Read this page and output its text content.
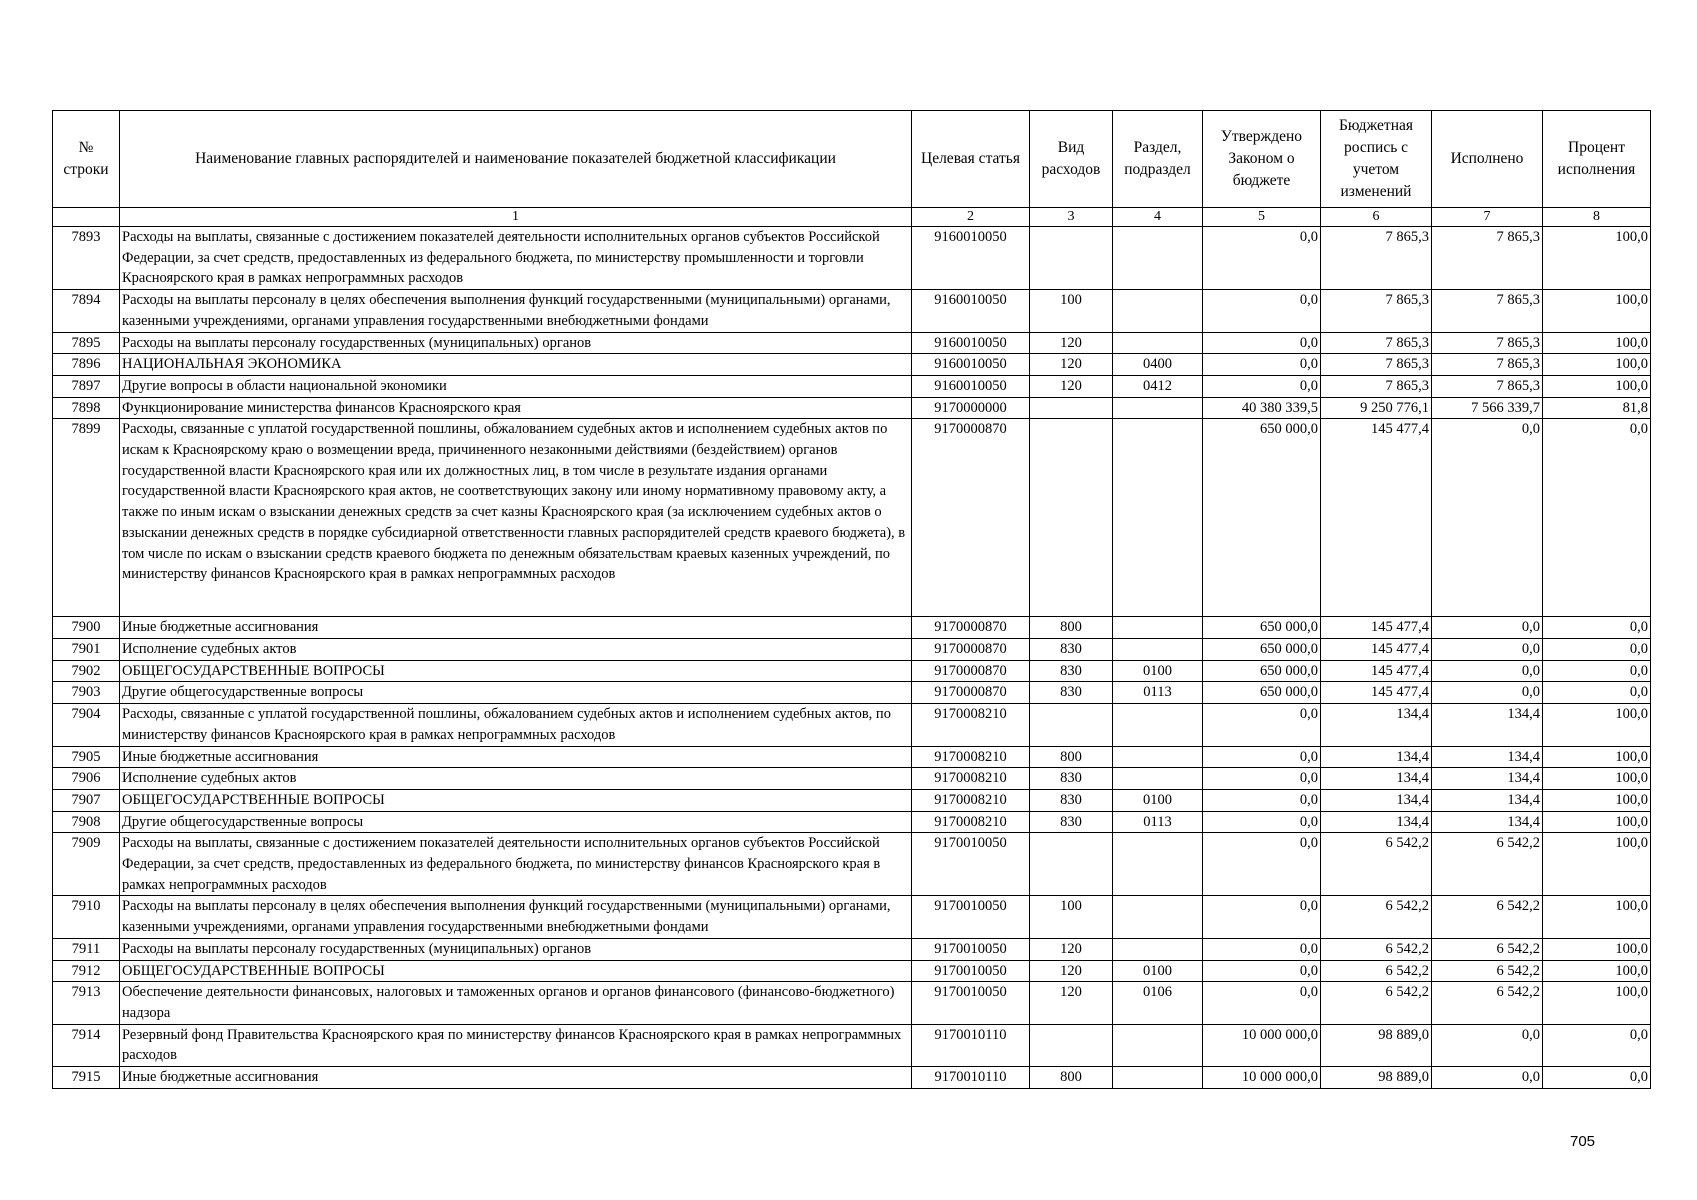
№ строки	Наименование главных распорядителей и наименование показателей бюджетной классификации	Целевая статья	Вид расходов	Раздел, подраздел	Утверждено Законом о бюджете	Бюджетная роспись с учетом изменений	Исполнено	Процент исполнения
	1	2	3	4	5	6	7	8
7893	Расходы на выплаты, связанные с достижением показателей деятельности исполнительных органов субъектов Российской Федерации, за счет средств, предоставленных из федерального бюджета, по министерству промышленности и торговли Красноярского края в рамках непрограммных расходов	9160010050			0,0	7 865,3	7 865,3	100,0
7894	Расходы на выплаты персоналу в целях обеспечения выполнения функций государственными (муниципальными) органами, казенными учреждениями, органами управления государственными внебюджетными фондами	9160010050	100		0,0	7 865,3	7 865,3	100,0
7895	Расходы на выплаты персоналу государственных (муниципальных) органов	9160010050	120		0,0	7 865,3	7 865,3	100,0
7896	НАЦИОНАЛЬНАЯ ЭКОНОМИКА	9160010050	120	0400	0,0	7 865,3	7 865,3	100,0
7897	Другие вопросы в области национальной экономики	9160010050	120	0412	0,0	7 865,3	7 865,3	100,0
7898	Функционирование министерства финансов Красноярского края	9170000000			40 380 339,5	9 250 776,1	7 566 339,7	81,8
7899	Расходы, связанные с уплатой государственной пошлины, обжалованием судебных актов и исполнением судебных актов по искам к Красноярскому краю о возмещении вреда, причиненного незаконными действиями (бездействием) органов государственной власти Красноярского края или их должностных лиц, в том числе в результате издания органами государственной власти Красноярского края актов, не соответствующих закону или иному нормативному правовому акту, а также по иным искам о взыскании денежных средств за счет казны Красноярского края (за исключением судебных актов о взыскании денежных средств в порядке субсидиарной ответственности главных распорядителей средств краевого бюджета), в том числе по искам о взыскании средств краевого бюджета по денежным обязательствам краевых казенных учреждений, по министерству финансов Красноярского края в рамках непрограммных расходов	9170000870			650 000,0	145 477,4	0,0	0,0
7900	Иные бюджетные ассигнования	9170000870	800		650 000,0	145 477,4	0,0	0,0
7901	Исполнение судебных актов	9170000870	830		650 000,0	145 477,4	0,0	0,0
7902	ОБЩЕГОСУДАРСТВЕННЫЕ ВОПРОСЫ	9170000870	830	0100	650 000,0	145 477,4	0,0	0,0
7903	Другие общегосударственные вопросы	9170000870	830	0113	650 000,0	145 477,4	0,0	0,0
7904	Расходы, связанные с уплатой государственной пошлины, обжалованием судебных актов и исполнением судебных актов, по министерству финансов Красноярского края в рамках непрограммных расходов	9170008210			0,0	134,4	134,4	100,0
7905	Иные бюджетные ассигнования	9170008210	800		0,0	134,4	134,4	100,0
7906	Исполнение судебных актов	9170008210	830		0,0	134,4	134,4	100,0
7907	ОБЩЕГОСУДАРСТВЕННЫЕ ВОПРОСЫ	9170008210	830	0100	0,0	134,4	134,4	100,0
7908	Другие общегосударственные вопросы	9170008210	830	0113	0,0	134,4	134,4	100,0
7909	Расходы на выплаты, связанные с достижением показателей деятельности исполнительных органов субъектов Российской Федерации, за счет средств, предоставленных из федерального бюджета, по министерству финансов Красноярского края в рамках непрограммных расходов	9170010050			0,0	6 542,2	6 542,2	100,0
7910	Расходы на выплаты персоналу в целях обеспечения выполнения функций государственными (муниципальными) органами, казенными учреждениями, органами управления государственными внебюджетными фондами	9170010050	100		0,0	6 542,2	6 542,2	100,0
7911	Расходы на выплаты персоналу государственных (муниципальных) органов	9170010050	120		0,0	6 542,2	6 542,2	100,0
7912	ОБЩЕГОСУДАРСТВЕННЫЕ ВОПРОСЫ	9170010050	120	0100	0,0	6 542,2	6 542,2	100,0
7913	Обеспечение деятельности финансовых, налоговых и таможенных органов и органов финансового (финансово-бюджетного) надзора	9170010050	120	0106	0,0	6 542,2	6 542,2	100,0
7914	Резервный фонд Правительства Красноярского края по министерству финансов Красноярского края в рамках непрограммных расходов	9170010110			10 000 000,0	98 889,0	0,0	0,0
7915	Иные бюджетные ассигнования	9170010110	800		10 000 000,0	98 889,0	0,0	0,0
705
